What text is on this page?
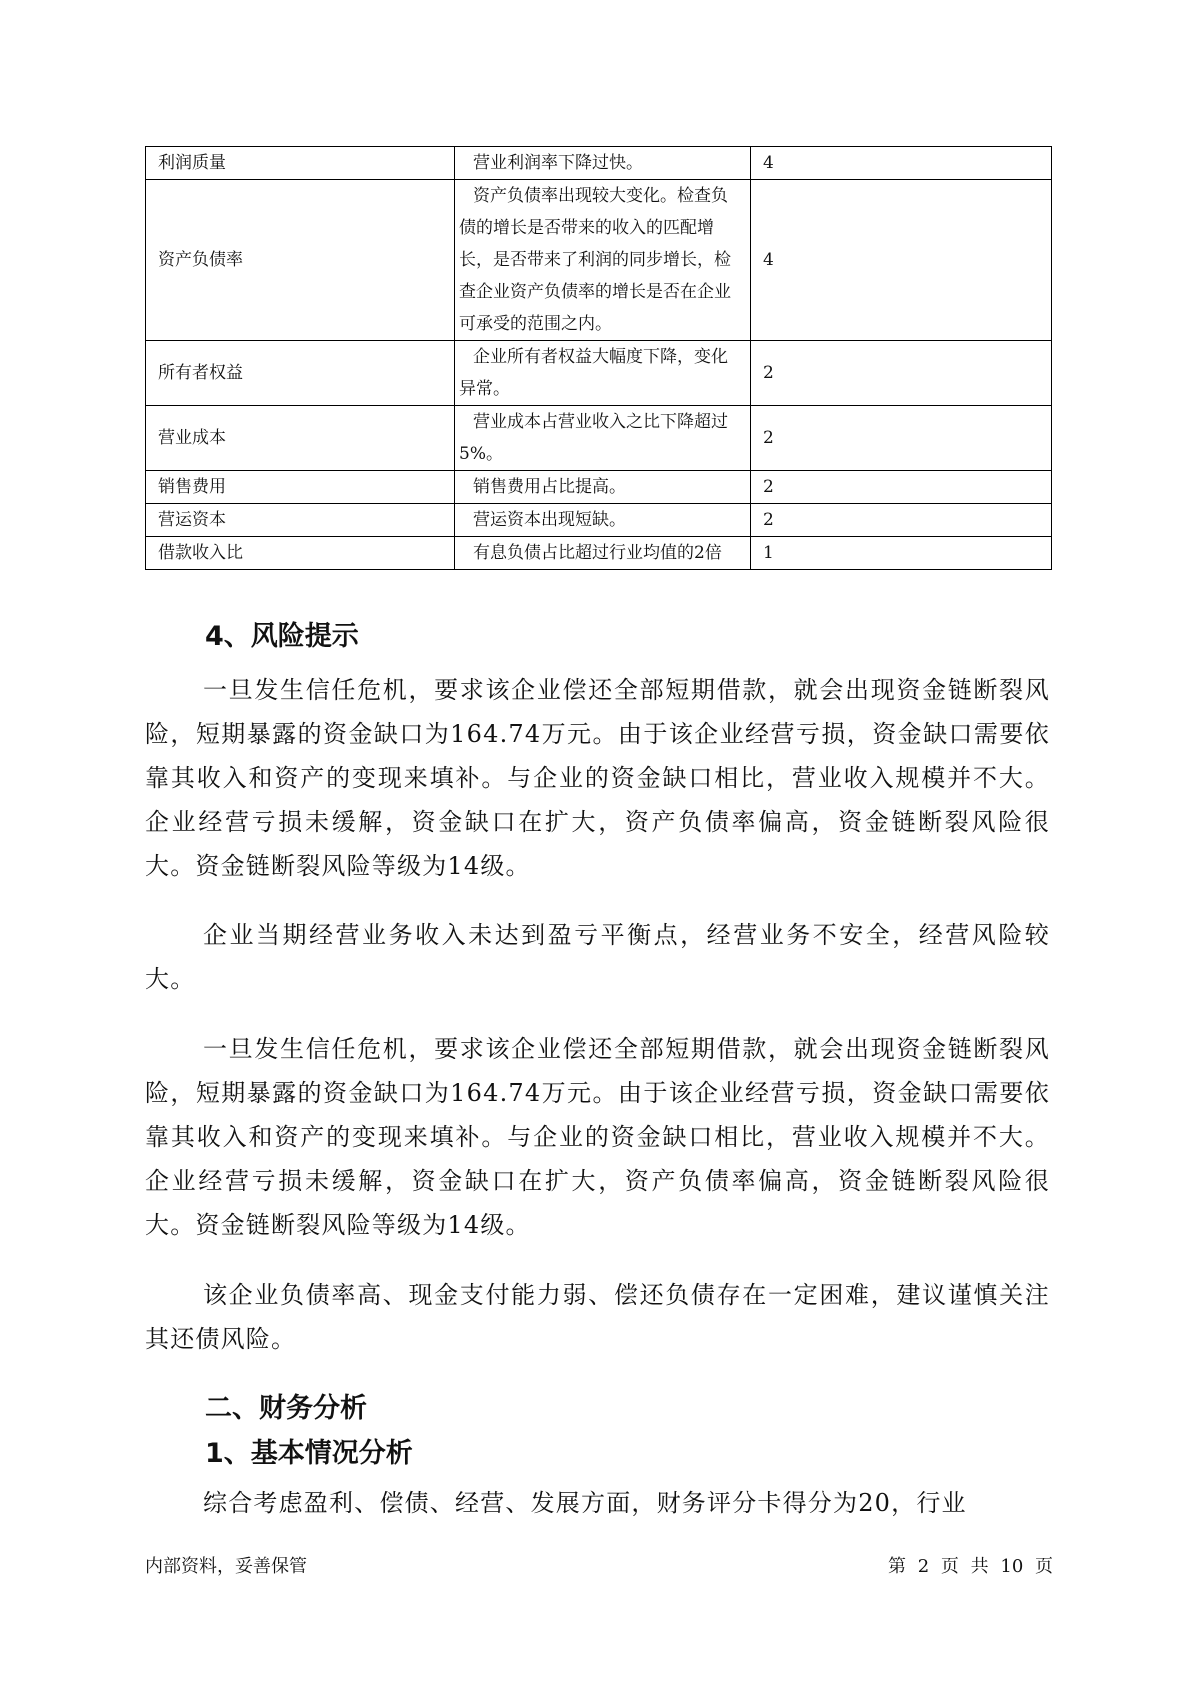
利润质量	营业利润率下降过快。	4
资产负债率	资产负债率出现较大变化。检查负债的增长是否带来的收入的匹配增长，是否带来了利润的同步增长，检查企业资产负债率的增长是否在企业可承受的范围之内。	4
所有者权益	企业所有者权益大幅度下降，变化异常。	2
营业成本	营业成本占营业收入之比下降超过5%。	2
销售费用	销售费用占比提高。	2
营运资本	营运资本出现短缺。	2
借款收入比	有息负债占比超过行业均值的2倍	1
4、风险提示

一旦发生信任危机，要求该企业偿还全部短期借款，就会出现资金链断裂风险，短期暴露的资金缺口为164.74万元。由于该企业经营亏损，资金缺口需要依靠其收入和资产的变现来填补。与企业的资金缺口相比，营业收入规模并不大。企业经营亏损未缓解，资金缺口在扩大，资产负债率偏高，资金链断裂风险很大。资金链断裂风险等级为14级。

企业当期经营业务收入未达到盈亏平衡点，经营业务不安全，经营风险较大。

一旦发生信任危机，要求该企业偿还全部短期借款，就会出现资金链断裂风险，短期暴露的资金缺口为164.74万元。由于该企业经营亏损，资金缺口需要依靠其收入和资产的变现来填补。与企业的资金缺口相比，营业收入规模并不大。企业经营亏损未缓解，资金缺口在扩大，资产负债率偏高，资金链断裂风险很大。资金链断裂风险等级为14级。

该企业负债率高、现金支付能力弱、偿还负债存在一定困难，建议谨慎关注其还债风险。

二、财务分析
1、基本情况分析

综合考虑盈利、偿债、经营、发展方面，财务评分卡得分为20，行业

内部资料，妥善保管	第 2 页 共 10 页
